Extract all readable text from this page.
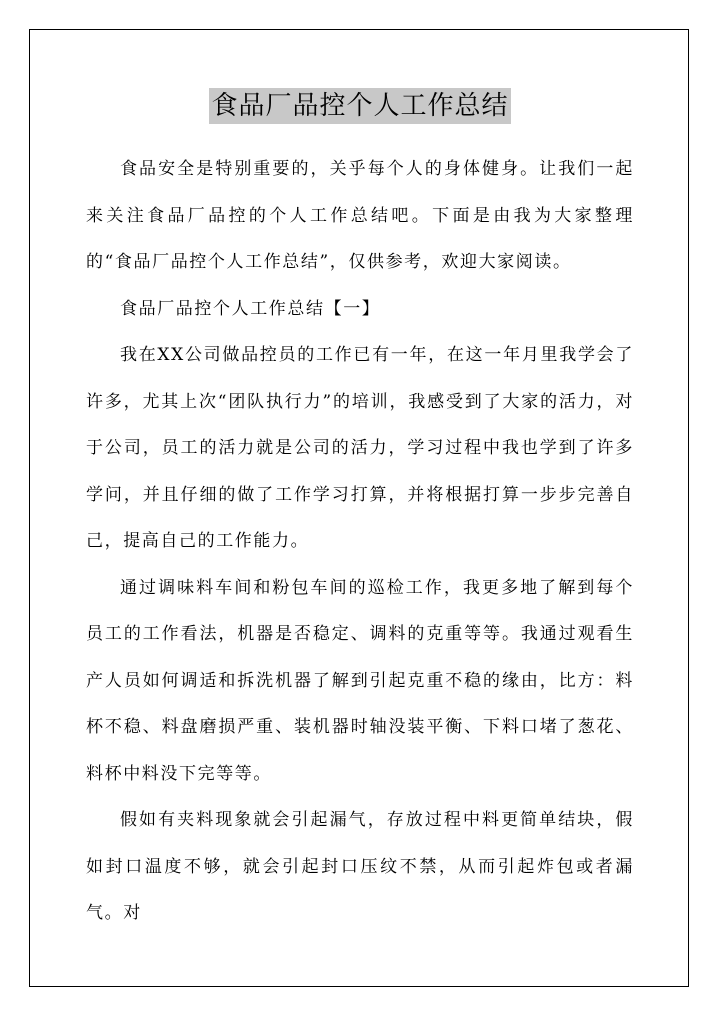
食品厂品控个人工作总结

食品安全是特别重要的，关乎每个人的身体健身。让我们一起来关注食品厂品控的个人工作总结吧。下面是由我为大家整理的“食品厂品控个人工作总结”，仅供参考，欢迎大家阅读。

食品厂品控个人工作总结【一】

我在XX公司做品控员的工作已有一年，在这一年月里我学会了许多，尤其上次“团队执行力”的培训，我感受到了大家的活力，对于公司，员工的活力就是公司的活力，学习过程中我也学到了许多学问，并且仔细的做了工作学习打算，并将根据打算一步步完善自己，提高自己的工作能力。

通过调味料车间和粉包车间的巡检工作，我更多地了解到每个员工的工作看法，机器是否稳定、调料的克重等等。我通过观看生产人员如何调适和拆洗机器了解到引起克重不稳的缘由，比方：料杯不稳、料盘磨损严重、装机器时轴没装平衡、下料口堵了葱花、料杯中料没下完等等。

假如有夹料现象就会引起漏气，存放过程中料更简单结块，假如封口温度不够，就会引起封口压纹不禁，从而引起炸包或者漏气。对
